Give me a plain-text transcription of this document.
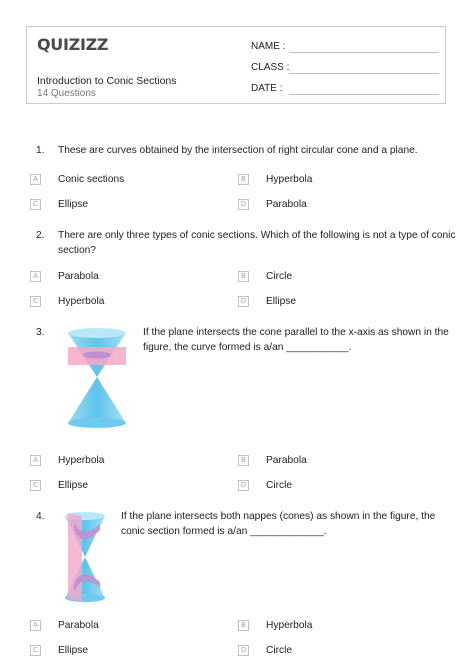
QUIZIZZ
Introduction to Conic Sections
14 Questions
NAME :
CLASS :
DATE :
1. These are curves obtained by the intersection of right circular cone and a plane.
A	Conic sections	B	Hyperbola
C Ellipse	D Parabola
2. There are only three types of conic sections. Which of the following is not a type of conic
section?
A	Parabola	B	Circle
C Hyperbola	D Ellipse
3.	If the plane intersects the cone parallel to the x-axis as shown in the
figure, the curve formed is a/an ___________.
A	Hyperbola	B	Parabola
C Ellipse	D Circle
4.	If the plane intersects both nappes (cones) as shown in the figure, the
conic section formed is a/an _____________.
A	Parabola	B	Hyperbola
C Ellipse	D Circle
